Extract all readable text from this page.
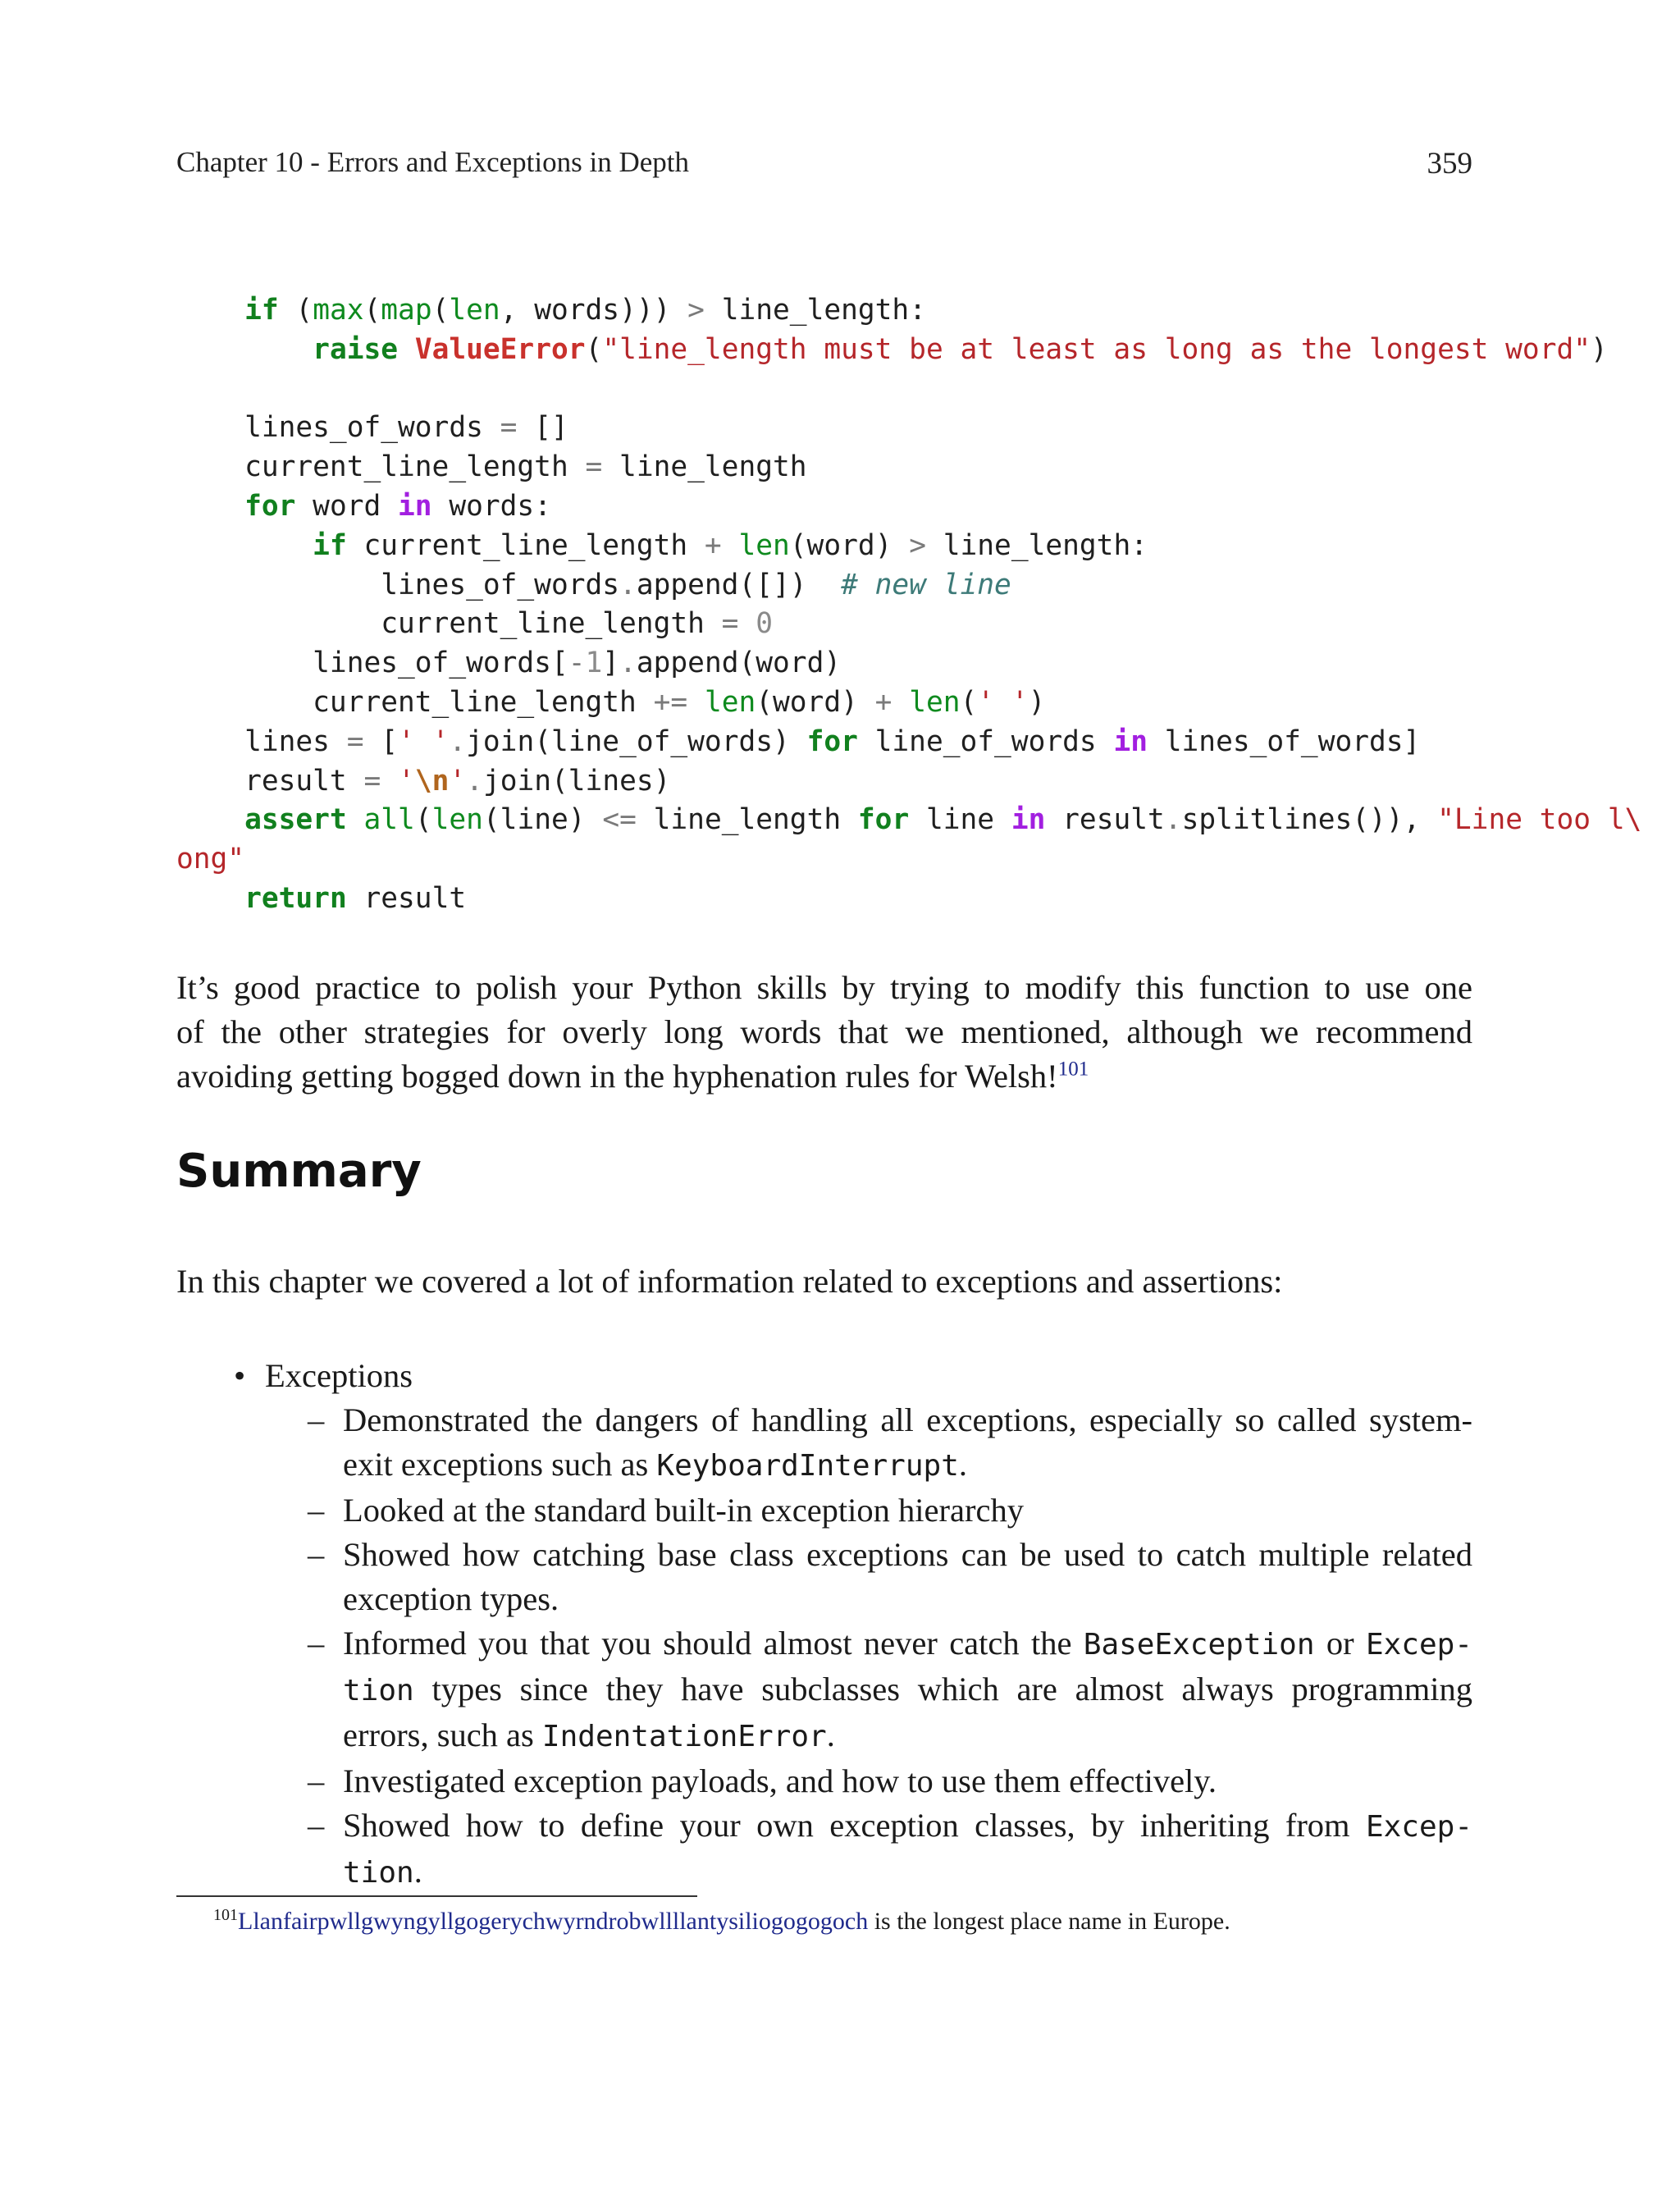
Chapter 10 - Errors and Exceptions in Depth	359
if (max(map(len, words))) > line_length:
raise ValueError("line_length must be at least as long as the longest word")

lines_of_words = []
current_line_length = line_length
for word in words:
if current_line_length + len(word) > line_length:
lines_of_words.append([])  # new line
current_line_length = 0
lines_of_words[-1].append(word)
current_line_length += len(word) + len(' ')
lines = [' '.join(line_of_words) for line_of_words in lines_of_words]
result = '\n'.join(lines)
assert all(len(line) <= line_length for line in result.splitlines()), "Line too l\
ong"
return result

It’s good practice to polish your Python skills by trying to modify this function to use one
of the other strategies for overly long words that we mentioned, although we recommend
avoiding getting bogged down in the hyphenation rules for Welsh!$^{101}$

Summary

In this chapter we covered a lot of information related to exceptions and assertions:

• Exceptions
– Demonstrated the dangers of handling all exceptions, especially so called system-
exit exceptions such as KeyboardInterrupt.
– Looked at the standard built-in exception hierarchy
– Showed how catching base class exceptions can be used to catch multiple related
exception types.
– Informed you that you should almost never catch the BaseException or Excep-
tion types since they have subclasses which are almost always programming
errors, such as IndentationError.
– Investigated exception payloads, and how to use them effectively.
– Showed how to define your own exception classes, by inheriting from Excep-
tion.
$^{101}$Llanfairpwllgwyngyllgogerychwyrndrobwllllantysiliogogogoch is the longest place name in Europe.
